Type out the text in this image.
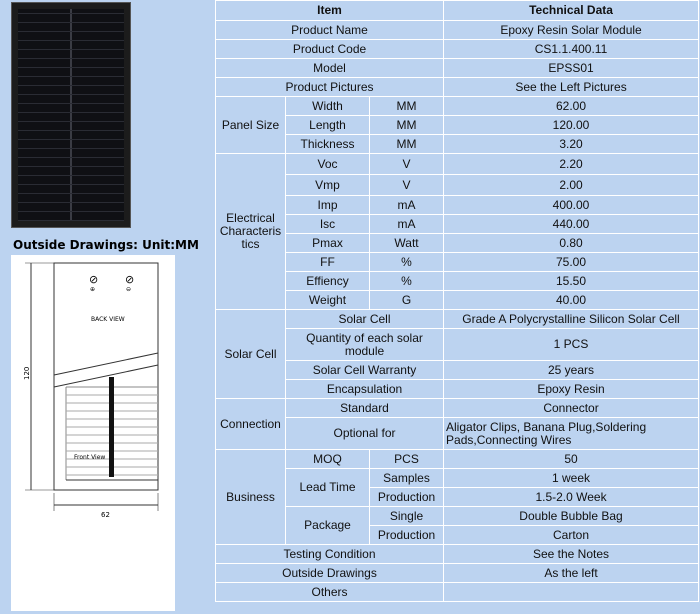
Outside Drawings: Unit:MM
⊘ ⊘
⊕	⊖
BACK VIEW
Front View
120
62
Item			Technical Data
Product Name			Epoxy Resin Solar Module
Product Code			CS1.1.400.11
Model			EPSS01
Product Pictures			See the Left Pictures
Panel Size	Width	MM	62.00
	Length	MM	120.00
	Thickness	MM	3.20
Electrical Characteris tics	Voc	V	2.20
	Vmp	V	2.00
	Imp	mA	400.00
	Isc	mA	440.00
	Pmax	Watt	0.80
	FF	%	75.00
	Effiency	%	15.50
	Weight	G	40.00
Solar Cell	Solar Cell		Grade A Polycrystalline Silicon Solar Cell
	Quantity of each solar module		1 PCS
	Solar Cell Warranty		25 years
	Encapsulation		Epoxy Resin
Connection	Standard		Connector
	Optional for		Aligator Clips, Banana Plug,Soldering Pads,Connecting Wires
Business	MOQ	PCS	50
	Lead Time	Samples	1 week
		Production	1.5-2.0 Week
	Package	Single	Double Bubble Bag
		Production	Carton
Testing Condition			See the Notes
Outside Drawings			As the left
Others			
